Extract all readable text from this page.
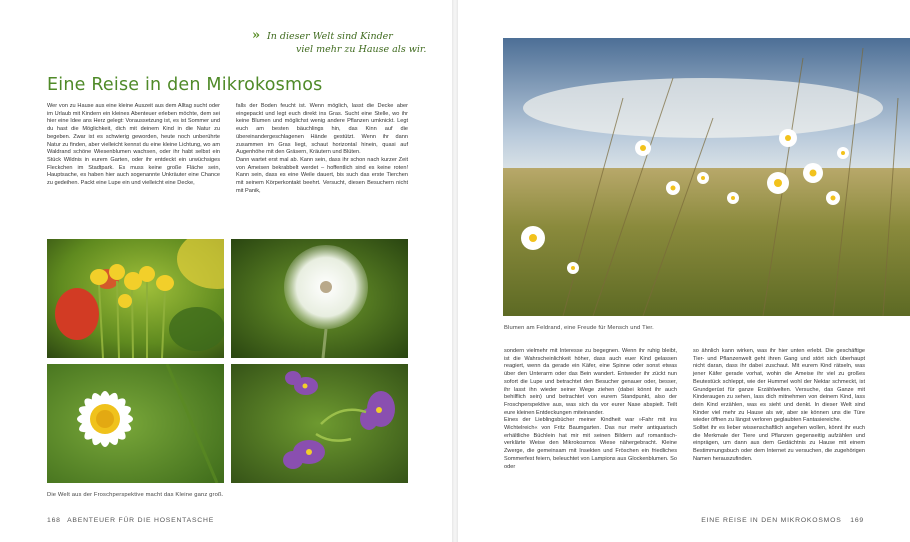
» In dieser Welt sind Kinder
viel mehr zu Hause als wir.
Eine Reise in den Mikrokosmos

Wer von zu Hause aus eine kleine Auszeit aus dem Alltag sucht oder im Urlaub mit Kindern ein kleines Abenteuer erleben möchte, dem sei hier eine Idee ans Herz gelegt: Voraussetzung ist, es ist Sommer und du hast die Möglichkeit, dich mit deinem Kind in die Natur zu begeben. Zwar ist es schwierig geworden, heute noch unberührte Natur zu finden, aber vielleicht kennst du eine kleine Lichtung, wo am Waldrand schöne Wiesenblumen wachsen, oder ihr habt selbst ein Stück Wildnis in eurem Garten, oder ihr entdeckt ein urwüchsiges Fleckchen im Stadtpark. Es muss keine große Fläche sein, Hauptsache, es haben hier auch sogenannte Unkräuter eine Chance zu gedeihen. Packt eine Lupe ein und vielleicht eine Decke,

falls der Boden feucht ist. Wenn möglich, lasst die Decke aber eingepackt und legt euch direkt ins Gras. Sucht eine Stelle, wo ihr keine Blumen und möglichst wenig andere Pflanzen umknickt. Legt euch am besten bäuchlings hin, das Kinn auf die übereinandergeschlagenen Hände gestützt. Wenn ihr dann zusammen im Gras liegt, schaut horizontal hinein, quasi auf Augenhöhe mit den Gräsern, Kräutern und Blüten.

Dann wartet erst mal ab. Kann sein, dass ihr schon nach kurzer Zeit von Ameisen bekrabbelt werdet – hoffentlich sind es keine roten! Kann sein, dass es eine Weile dauert, bis such das erste Tierchen mit seinem Körperkontakt beehrt. Versucht, diesen Besuchern nicht mit Panik,

Die Welt aus der Froschperspektive macht das Kleine ganz groß.
168 ABENTEUER FÜR DIE HOSENTASCHE
Blumen am Feldrand, eine Freude für Mensch und Tier.
EINE REISE IN DEN MIKROKOSMOS 169

sondern vielmehr mit Interesse zu begegnen. Wenn ihr ruhig bleibt, ist die Wahrscheinlichkeit höher, dass auch euer Kind gelassen reagiert, wenn da gerade ein Käfer, eine Spinne oder sonst etwas über den Unterarm oder das Bein wandert. Entweder ihr zückt nun sofort die Lupe und betrachtet den Besucher genauer oder, besser, ihr lasst ihn wieder seiner Wege ziehen (dabei könnt ihr auch behilflich sein) und betrachtet von eurem Standpunkt, also der Froschperspektive aus, was sich da vor eurer Nase abspielt. Teilt eure kleinen Entdeckungen miteinander.

Eines der Lieblingsbücher meiner Kindheit war »Fahr mit ins Wichtelreich« von Fritz Baumgarten. Das nur mehr antiquarisch erhältliche Büchlein hat mir mit seinen Bildern auf romantisch-verklärte Weise den Mikrokosmos Wiese nähergebracht. Kleine Zwerge, die gemeinsam mit Insekten und Fröschen ein friedliches Sommerfest feiern, beleuchtet von Lampions aus Glockenblumen. So oder

so ähnlich kann wirken, was ihr hier unten erlebt. Die geschäftige Tier- und Pflanzenwelt geht ihren Gang und stört sich überhaupt nicht daran, dass ihr dabei zuschaut. Mit eurem Kind rätseln, was jener Käfer gerade vorhat, wohin die Ameise ihr viel zu großes Beutestück schleppt, wie der Hummel wohl der Nektar schmeckt, ist Grundgerüst für ganze Erzählwelten. Versuche, das Ganze mit Kinderaugen zu sehen, lass dich mitnehmen von deinem Kind, lass dein Kind erzählen, was es sieht und denkt. In dieser Welt sind Kinder viel mehr zu Hause als wir, aber sie können uns die Türe wieder öffnen zu längst verloren geglaubten Fantasiereiche.

Solltet ihr es lieber wissenschaftlich angehen wollen, könnt ihr euch die Merkmale der Tiere und Pflanzen gegenseitig aufzählen und einprägen, um dann aus dem Gedächtnis zu Hause mit einem Bestimmungsbuch oder dem Internet zu versuchen, die zugehörigen Namen herauszufinden.
